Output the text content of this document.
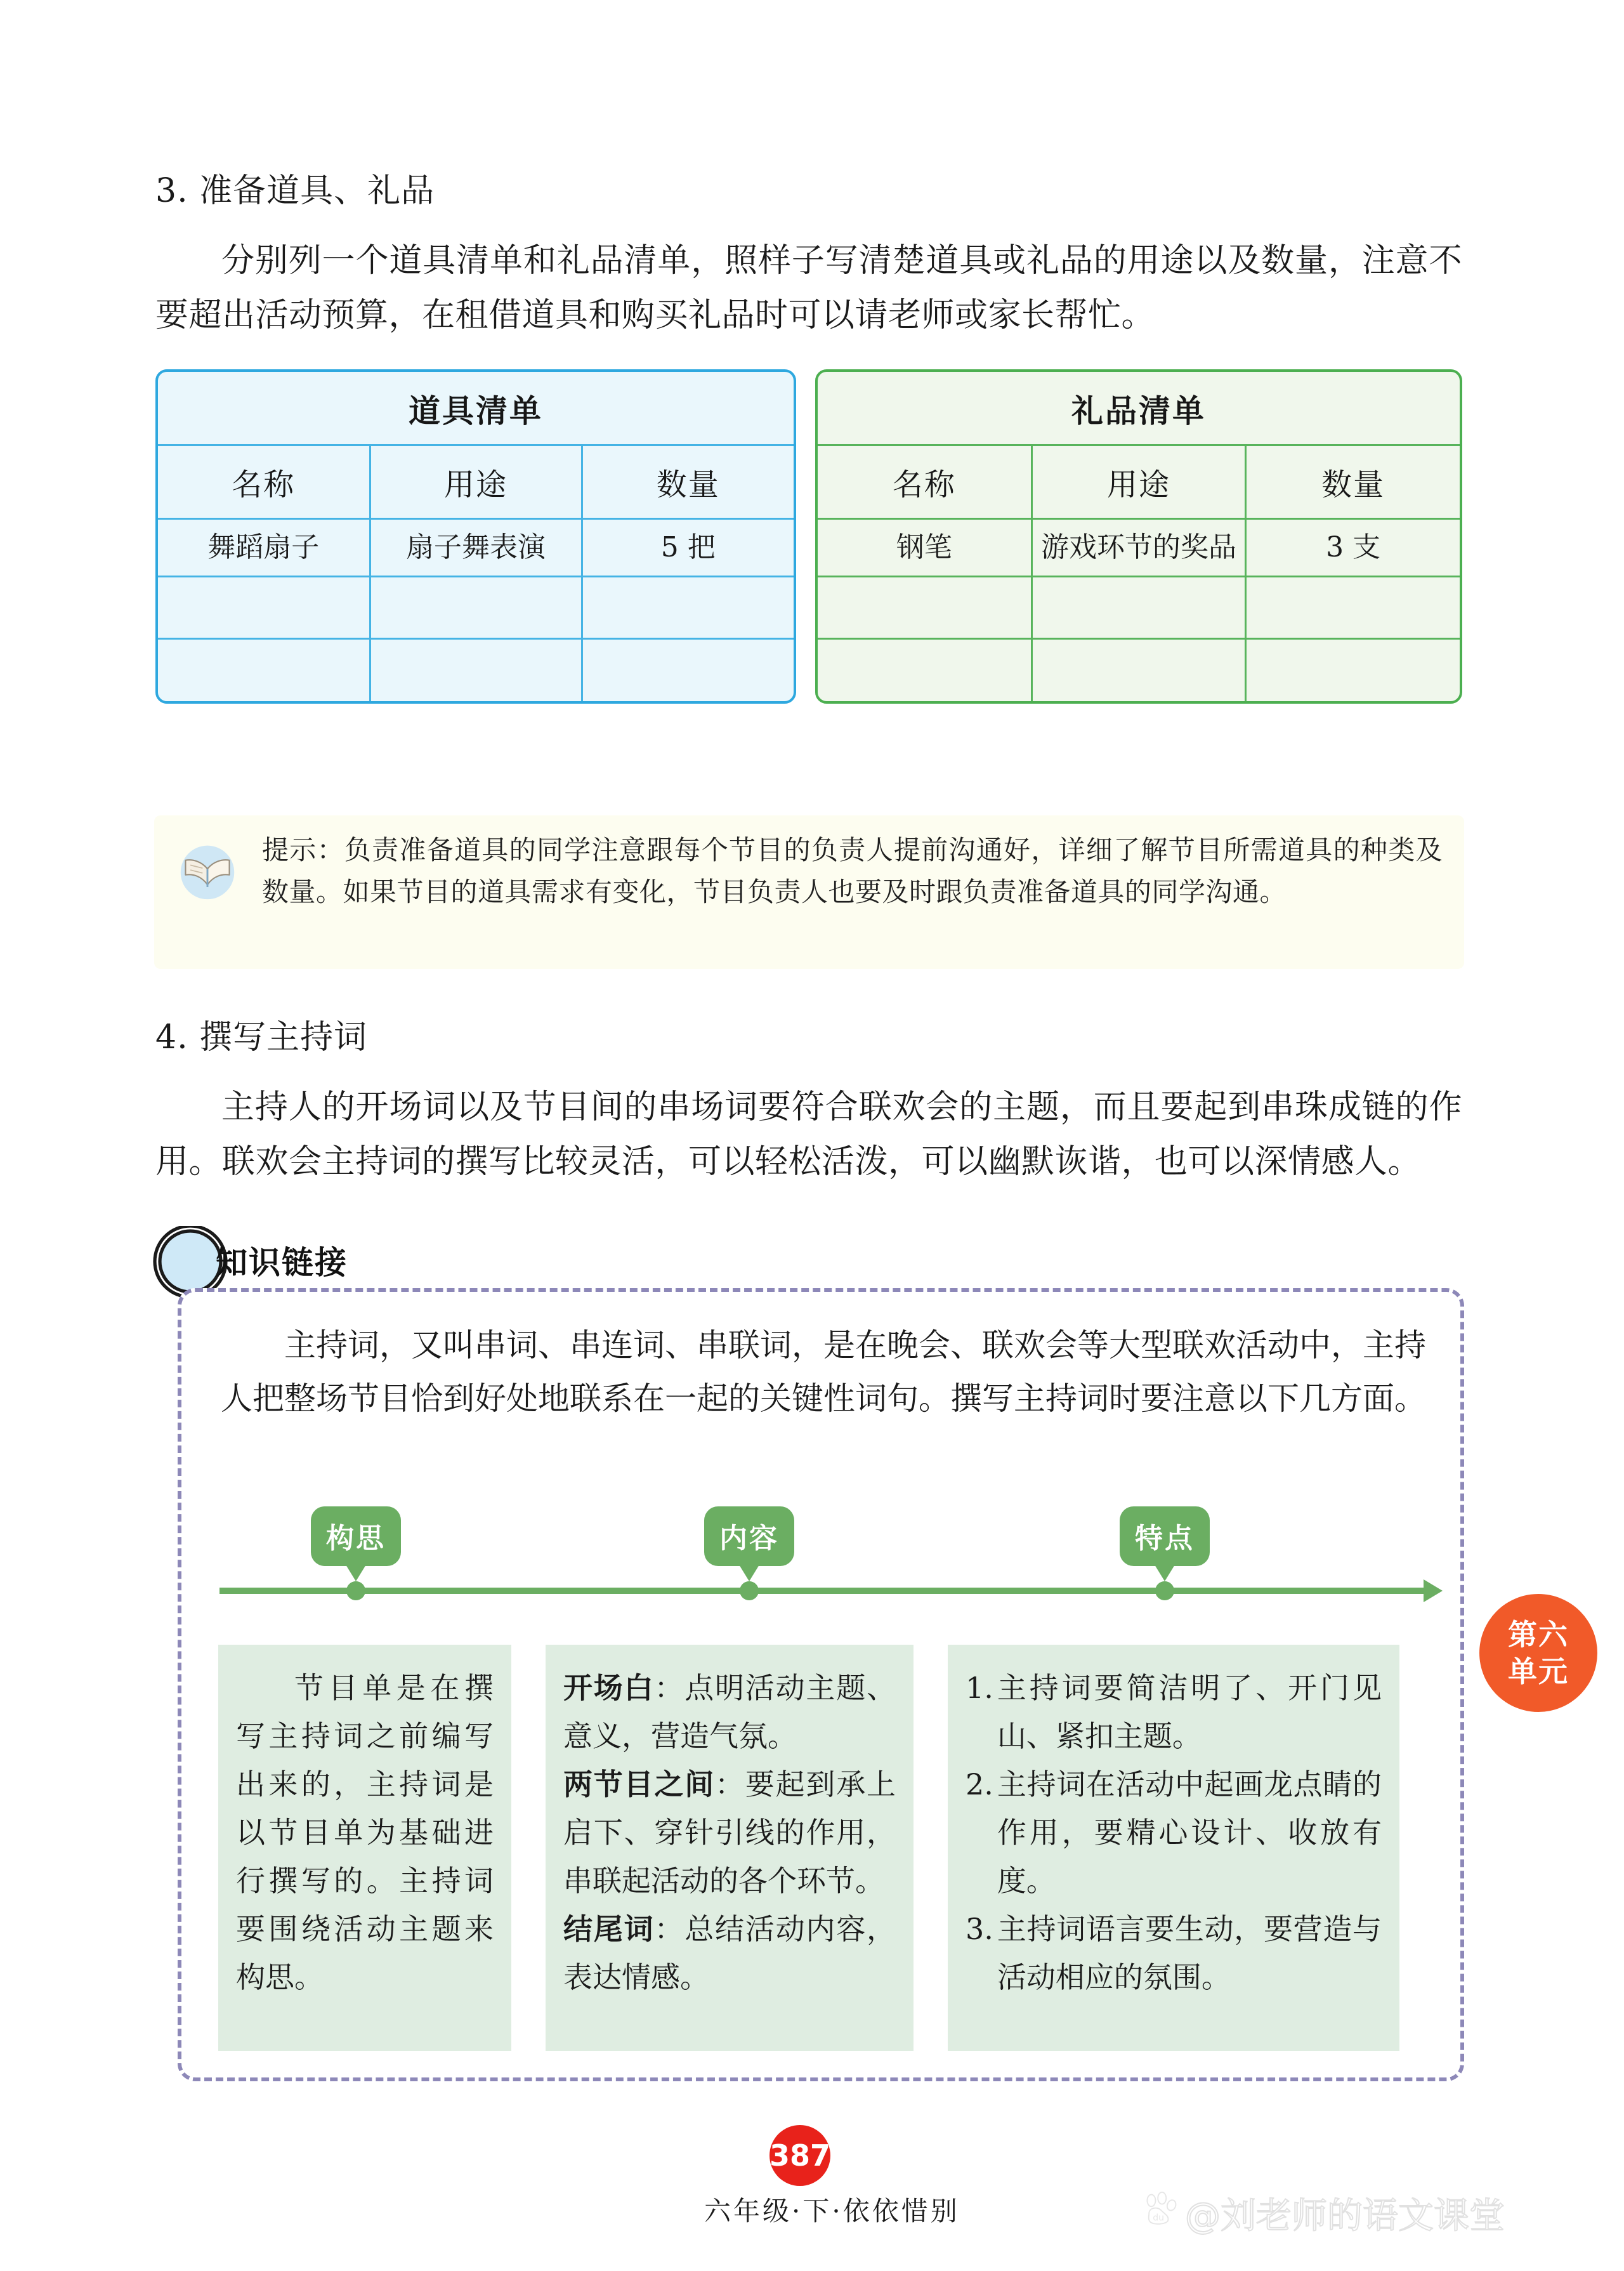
3. 准备道具、礼品
分别列一个道具清单和礼品清单，照样子写清楚道具或礼品的用途以及数量，注意不要超出活动预算，在租借道具和购买礼品时可以请老师或家长帮忙。
道具清单		
名称	用途	数量
舞蹈扇子	扇子舞表演	5 把

礼品清单		
名称	用途	数量
钢笔	游戏环节的奖品	3 支

提示：负责准备道具的同学注意跟每个节目的负责人提前沟通好，详细了解节目所需道具的种类及数量。如果节目的道具需求有变化，节目负责人也要及时跟负责准备道具的同学沟通。
4. 撰写主持词
主持人的开场词以及节目间的串场词要符合联欢会的主题，而且要起到串珠成链的作用。联欢会主持词的撰写比较灵活，可以轻松活泼，可以幽默诙谐，也可以深情感人。
知识链接
主持词，又叫串词、串连词、串联词，是在晚会、联欢会等大型联欢活动中，主持人把整场节目恰到好处地联系在一起的关键性词句。撰写主持词时要注意以下几方面。
构思	内容	特点

节目单是在撰写主持词之前编写出来的，主持词是以节目单为基础进行撰写的。主持词要围绕活动主题来构思。

开场白：点明活动主题、意义，营造气氛。

两节目之间：要起到承上启下、穿针引线的作用，串联起活动的各个环节。

结尾词：总结活动内容，表达情感。

1. 主持词要简洁明了、开门见山、紧扣主题。
2. 主持词在活动中起画龙点睛的作用，要精心设计、收放有度。
3. 主持词语言要生动，要营造与活动相应的氛围。
第六
单元
387
六年级·下·依依惜别	du @刘老师的语文课堂
